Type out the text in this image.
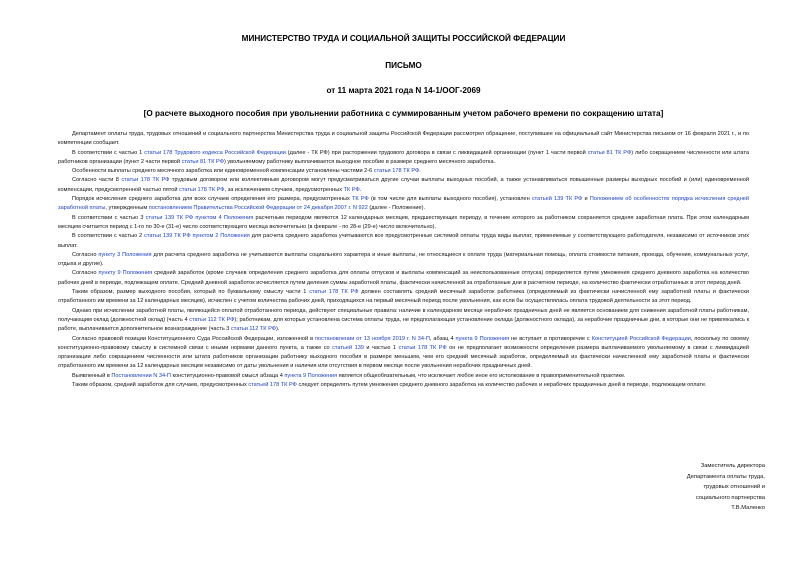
МИНИСТЕРСТВО ТРУДА И СОЦИАЛЬНОЙ ЗАЩИТЫ РОССИЙСКОЙ ФЕДЕРАЦИИ
ПИСЬМО
от 11 марта 2021 года N 14-1/ООГ-2069
[О расчете выходного пособия при увольнении работника с суммированным учетом рабочего времени по сокращению штата]

Департамент оплаты труда, трудовых отношений и социального партнерства Министерства труда и социальной защиты Российской Федерации рассмотрел обращение, поступившее на официальный сайт Министерства письмом от 16 февраля 2021 г., и по компетенции сообщает.

В соответствии с частью 1 статьи 178 Трудового кодекса Российской Федерации (далее - ТК РФ) при расторжении трудового договора в связи с ликвидацией организации (пункт 1 части первой статьи 81 ТК РФ) либо сокращением численности или штата работников организации (пункт 2 части первой статьи 81 ТК РФ) увольняемому работнику выплачивается выходное пособие в размере среднего месячного заработка.

Особенности выплаты среднего месячного заработка или единовременной компенсации установлены частями 2-6 статьи 178 ТК РФ.

Согласно части 8 статьи 178 ТК РФ трудовым договором или коллективным договором могут предусматриваться другие случаи выплаты выходных пособий, а также устанавливаться повышенные размеры выходных пособий и (или) единовременной компенсации, предусмотренной частью пятой статьи 178 ТК РФ, за исключением случаев, предусмотренных ТК РФ.

Порядок исчисления среднего заработка для всех случаев определения его размера, предусмотренных ТК РФ (в том числе для выплаты выходного пособия), установлен статьей 139 ТК РФ и Положением об особенностях порядка исчисления средней заработной платы, утвержденным постановлением Правительства Российской Федерации от 24 декабря 2007 г. N 922 (далее - Положение).

В соответствии с частью 3 статьи 139 ТК РФ пунктом 4 Положения расчетным периодом являются 12 календарных месяцев, предшествующих периоду, в течение которого за работником сохраняется средняя заработная плата. При этом календарным месяцем считается период с 1-го по 30-е (31-е) число соответствующего месяца включительно (в феврале - по 28-е (29-е) число включительно).

В соответствии с частью 2 статьи 139 ТК РФ пунктом 2 Положения для расчета среднего заработка учитываются все предусмотренные системой оплаты труда виды выплат, применяемые у соответствующего работодателя, независимо от источников этих выплат.

Согласно пункту 3 Положения для расчета среднего заработка не учитываются выплаты социального характера и иные выплаты, не относящиеся к оплате труда (материальная помощь, оплата стоимости питания, проезда, обучения, коммунальных услуг, отдыха и другие).

Согласно пункту 9 Положения средний заработок (кроме случаев определения среднего заработка для оплаты отпусков и выплаты компенсаций за неиспользованные отпуска) определяется путем умножения среднего дневного заработка на количество рабочих дней в периоде, подлежащем оплате. Средний дневной заработок исчисляется путем деления суммы заработной платы, фактически начисленной за отработанные дни в расчетном периоде, на количество фактически отработанных в этот период дней.

Таким образом, размер выходного пособия, который по буквальному смыслу части 1 статьи 178 ТК РФ должен составлять средний месячный заработок работника (определяемый из фактически начисленной ему заработной платы и фактически отработанного им времени за 12 календарных месяцев), исчислен с учетом количества рабочих дней, приходящихся на первый месячный период после увольнения, как если бы осуществлялась оплата трудовой деятельности за этот период.

Однако при исчислении заработной платы, являющейся оплатой отработанного периода, действуют специальные правила: наличие в календарном месяце нерабочих праздничных дней не является основанием для снижения заработной платы работникам, получающим оклад (должностной оклад) (часть 4 статьи 112 ТК РФ); работникам, для которых установлена система оплаты труда, не предполагающая установление оклада (должностного оклада), за нерабочие праздничные дни, в которые они не привлекались к работе, выплачивается дополнительное вознаграждение (часть 3 статьи 112 ТК РФ).

Согласно правовой позиции Конституционного Суда Российской Федерации, изложенной в постановлении от 13 ноября 2019 г. N 34-П, абзац 4 пункта 9 Положения не вступает в противоречие с Конституцией Российской Федерации, поскольку по своему конституционно-правовому смыслу в системной связи с иными нормами данного пункта, а также со статьей 139 и частью 1 статьи 178 ТК РФ он не предполагает возможности определения размера выплачиваемого увольняемому в связи с ликвидацией организации либо сокращением численности или штата работников организации работнику выходного пособия в размере меньшем, чем его средний месячный заработок, определяемый из фактически начисленной ему заработной платы и фактически отработанного им времени за 12 календарных месяцев независимо от даты увольнения и наличия или отсутствия в первом месяце после увольнения нерабочих праздничных дней.

Выявленный в Постановлении N 34-П конституционно-правовой смысл абзаца 4 пункта 9 Положения является общеобязательным, что исключает любое иное его истолкование в правоприменительной практике.

Таким образом, средний заработок для случаев, предусмотренных статьей 178 ТК РФ следует определять путем умножения среднего дневного заработка на количество рабочих и нерабочих праздничных дней в периоде, подлежащем оплате.

Заместитель директора
Департамента оплаты труда,
трудовых отношений и
социального партнерства
Т.В.Маленко
